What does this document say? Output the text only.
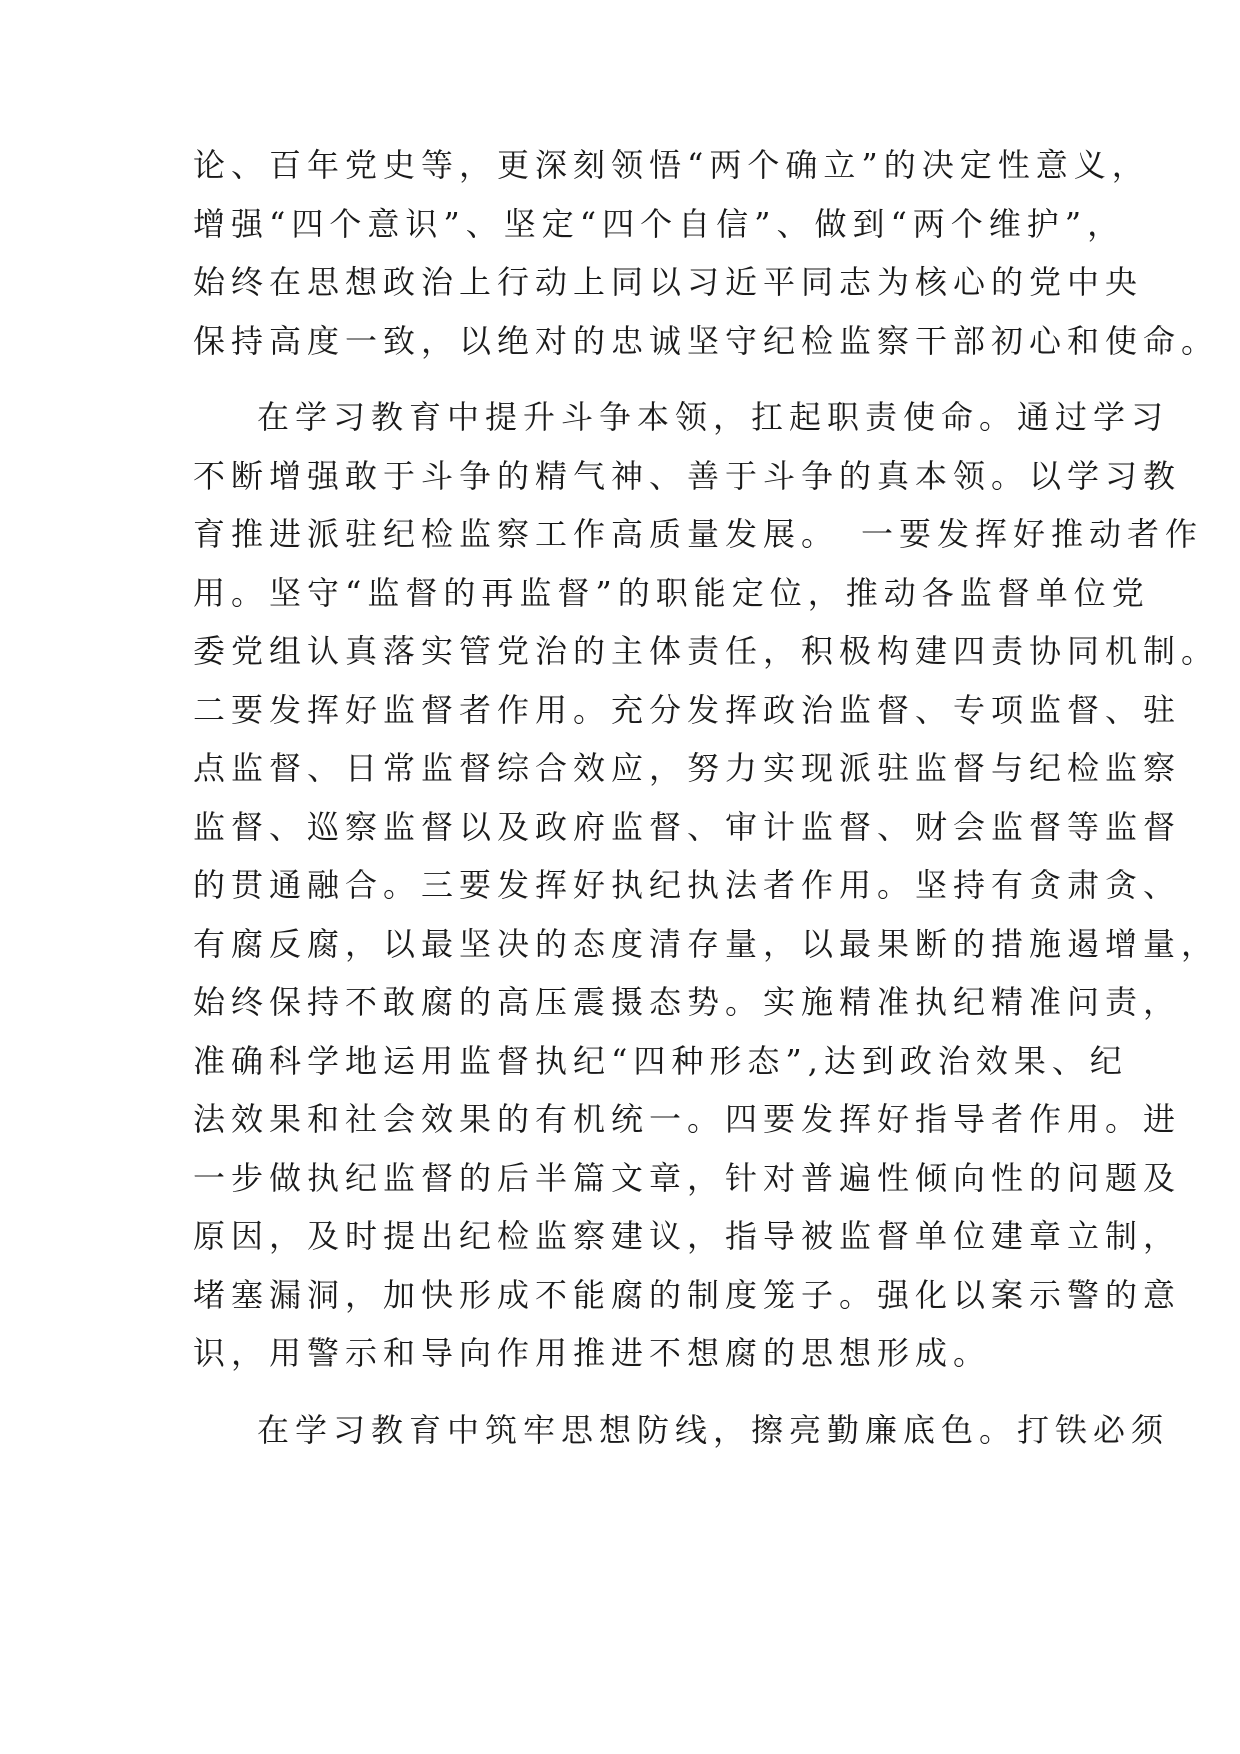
论、百年党史等，更深刻领悟“两个确立”的决定性意义，
增强“四个意识”、坚定“四个自信”、做到“两个维护”，
始终在思想政治上行动上同以习近平同志为核心的党中央
保持高度一致，以绝对的忠诚坚守纪检监察干部初心和使命。
在学习教育中提升斗争本领，扛起职责使命。通过学习
不断增强敢于斗争的精气神、善于斗争的真本领。以学习教
育推进派驻纪检监察工作高质量发展。　一要发挥好推动者作
用。坚守“监督的再监督”的职能定位，推动各监督单位党
委党组认真落实管党治的主体责任，积极构建四责协同机制。
二要发挥好监督者作用。充分发挥政治监督、专项监督、驻
点监督、日常监督综合效应，努力实现派驻监督与纪检监察
监督、巡察监督以及政府监督、审计监督、财会监督等监督
的贯通融合。三要发挥好执纪执法者作用。坚持有贪肃贪、
有腐反腐，以最坚决的态度清存量，以最果断的措施遏增量，
始终保持不敢腐的高压震摄态势。实施精准执纪精准问责，
准确科学地运用监督执纪“四种形态”,达到政治效果、纪
法效果和社会效果的有机统一。四要发挥好指导者作用。进
一步做执纪监督的后半篇文章，针对普遍性倾向性的问题及
原因，及时提出纪检监察建议，指导被监督单位建章立制，
堵塞漏洞，加快形成不能腐的制度笼子。强化以案示警的意
识，用警示和导向作用推进不想腐的思想形成。
在学习教育中筑牢思想防线，擦亮勤廉底色。打铁必须
